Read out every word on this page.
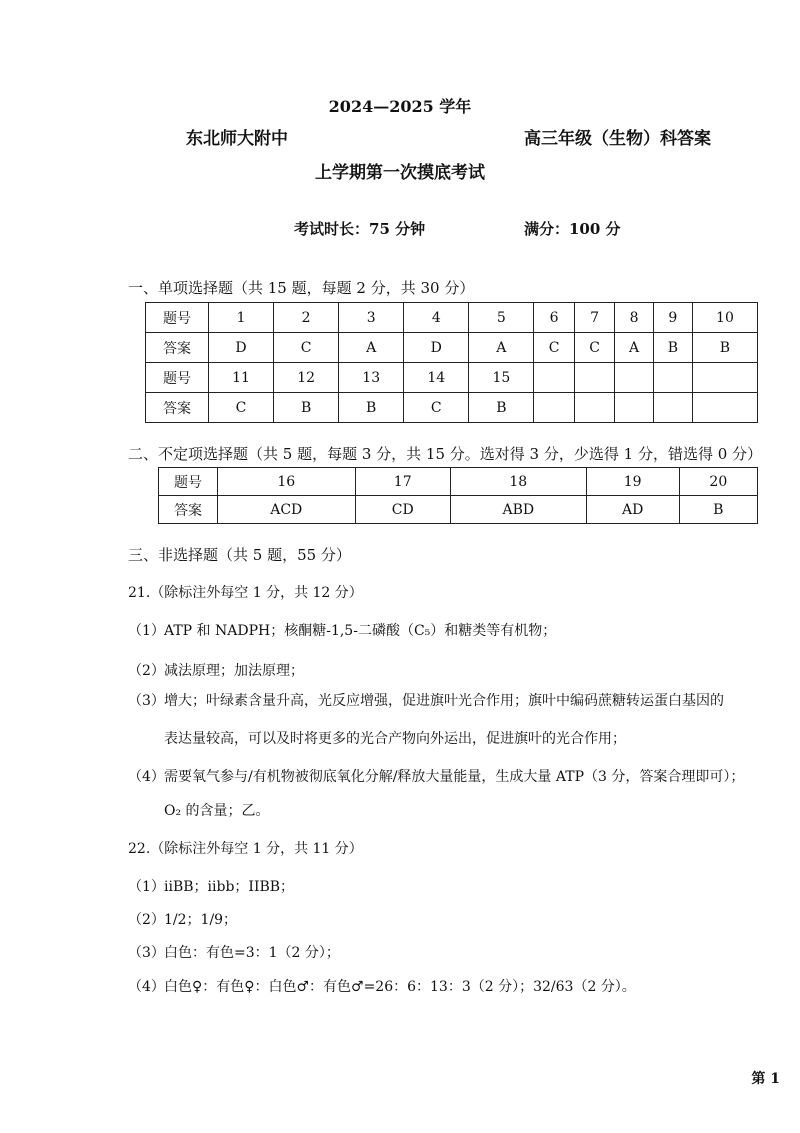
2024—2025 学年
东北师大附中	高三年级（生物）科答案
上学期第一次摸底考试
考试时长：75 分钟	满分：100 分
一、单项选择题（共 15 题，每题 2 分，共 30 分）
题号	1	2	3	4	5	6	7	8	9	10
答案	D	C	A	D	A	C	C	A	B	B
题号	11	12	13	14	15					
答案	C	B	B	C	B					
二、不定项选择题（共 5 题，每题 3 分，共 15 分。选对得 3 分，少选得 1 分，错选得 0 分）
题号	16	17	18	19	20
答案	ACD	CD	ABD	AD	B
三、非选择题（共 5 题，55 分）
21.（除标注外每空 1 分，共 12 分）
（1）ATP 和 NADPH；核酮糖-1,5-二磷酸（C₅）和糖类等有机物；
（2）减法原理；加法原理；
（3）增大；叶绿素含量升高，光反应增强，促进旗叶光合作用；旗叶中编码蔗糖转运蛋白基因的
表达量较高，可以及时将更多的光合产物向外运出，促进旗叶的光合作用；
（4）需要氧气参与/有机物被彻底氧化分解/释放大量能量，生成大量 ATP（3 分，答案合理即可）；
O₂ 的含量；乙。
22.（除标注外每空 1 分，共 11 分）
（1）iiBB；iibb；IIBB；
（2）1/2；1/9；
（3）白色：有色=3：1（2 分）；
（4）白色♀：有色♀：白色♂：有色♂=26：6：13：3（2 分）；32/63（2 分）。
第 1
